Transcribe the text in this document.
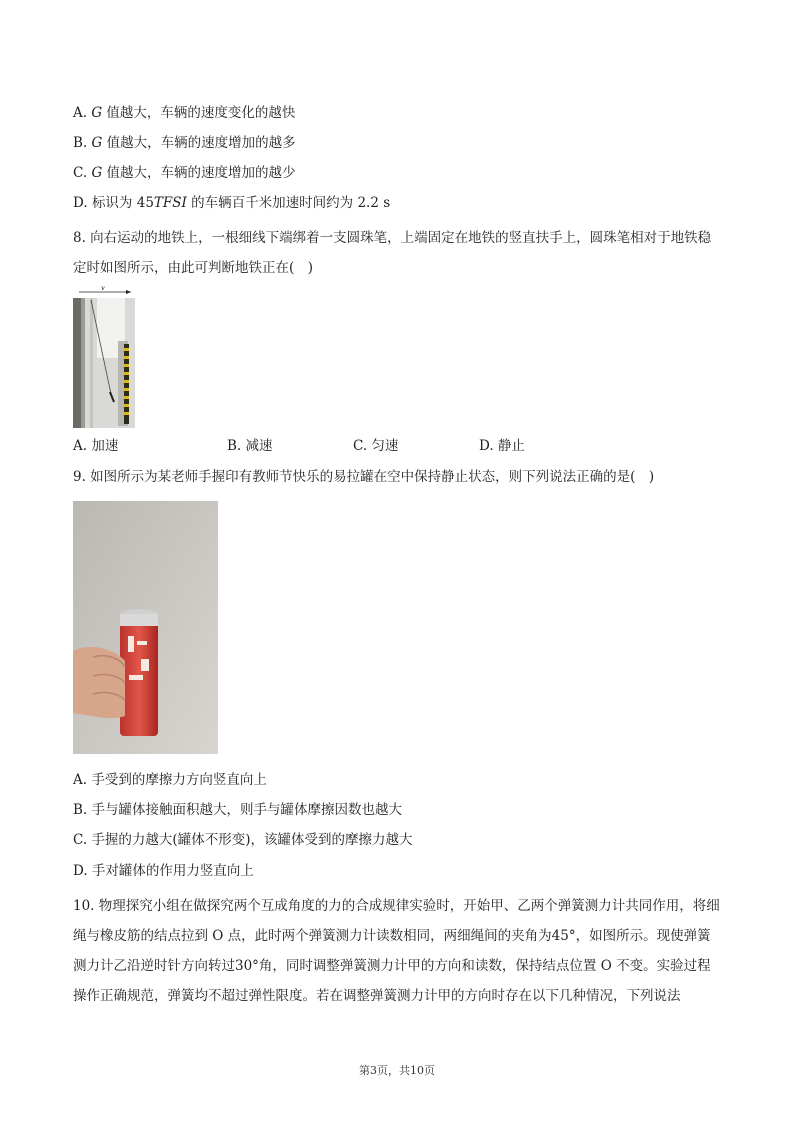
A. G 值越大，车辆的速度变化的越快
B. G 值越大，车辆的速度增加的越多
C. G 值越大，车辆的速度增加的越少
D. 标识为 45TFSI 的车辆百千米加速时间约为 2.2 s
8. 向右运动的地铁上，一根细线下端绑着一支圆珠笔，上端固定在地铁的竖直扶手上，圆珠笔相对于地铁稳定时如图所示，由此可判断地铁正在(　)
v
A. 加速	B. 减速	C. 匀速	D. 静止
9. 如图所示为某老师手握印有教师节快乐的易拉罐在空中保持静止状态，则下列说法正确的是(　)
A. 手受到的摩擦力方向竖直向上
B. 手与罐体接触面积越大，则手与罐体摩擦因数也越大
C. 手握的力越大(罐体不形变)，该罐体受到的摩擦力越大
D. 手对罐体的作用力竖直向上
10. 物理探究小组在做探究两个互成角度的力的合成规律实验时，开始甲、乙两个弹簧测力计共同作用，将细绳与橡皮筋的结点拉到 O 点，此时两个弹簧测力计读数相同，两细绳间的夹角为45°，如图所示。现使弹簧测力计乙沿逆时针方向转过30°角，同时调整弹簧测力计甲的方向和读数，保持结点位置 O 不变。实验过程操作正确规范，弹簧均不超过弹性限度。若在调整弹簧测力计甲的方向时存在以下几种情况，下列说法
第3页，共10页
